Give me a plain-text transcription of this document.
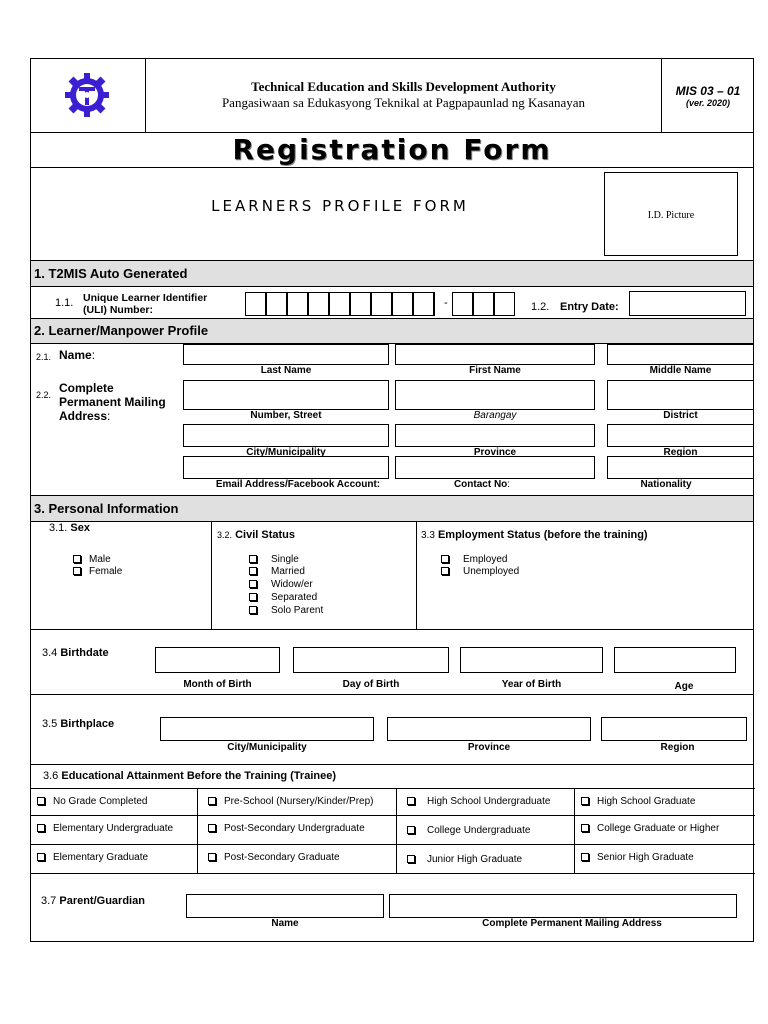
Technical Education and Skills Development Authority
Pangasiwaan sa Edukasyong Teknikal at Pagpapaunlad ng Kasanayan
MIS 03 – 01
(ver. 2020)
Registration Form
LEARNERS PROFILE FORM
I.D. Picture
1. T2MIS Auto Generated
1.1. Unique Learner Identifier
(ULI) Number:
-	1.2. Entry Date:
2. Learner/Manpower Profile
2.1. Name:
Last Name	First Name	Middle Name
2.2. Complete
Permanent Mailing
Address:	Number, Street	Barangay	District
City/Municipality	Province	Region
Email Address/Facebook Account:	Contact No:	Nationality
3. Personal Information
3.1. Sex
Male
Female
3.2. Civil Status
Single
Married
Widow/er
Separated
Solo Parent
3.3 Employment Status (before the training)
Employed
Unemployed
3.4 Birthdate
Month of Birth	Day of Birth	Year of Birth	Age
3.5 Birthplace
City/Municipality	Province	Region
3.6 Educational Attainment Before the Training (Trainee)
No Grade Completed	Pre-School (Nursery/Kinder/Prep)	High School Undergraduate	High School Graduate
Elementary Undergraduate	Post-Secondary Undergraduate	College Undergraduate	College Graduate or Higher
Elementary Graduate	Post-Secondary Graduate	Junior High Graduate	Senior High Graduate
3.7 Parent/Guardian
Name	Complete Permanent Mailing Address
